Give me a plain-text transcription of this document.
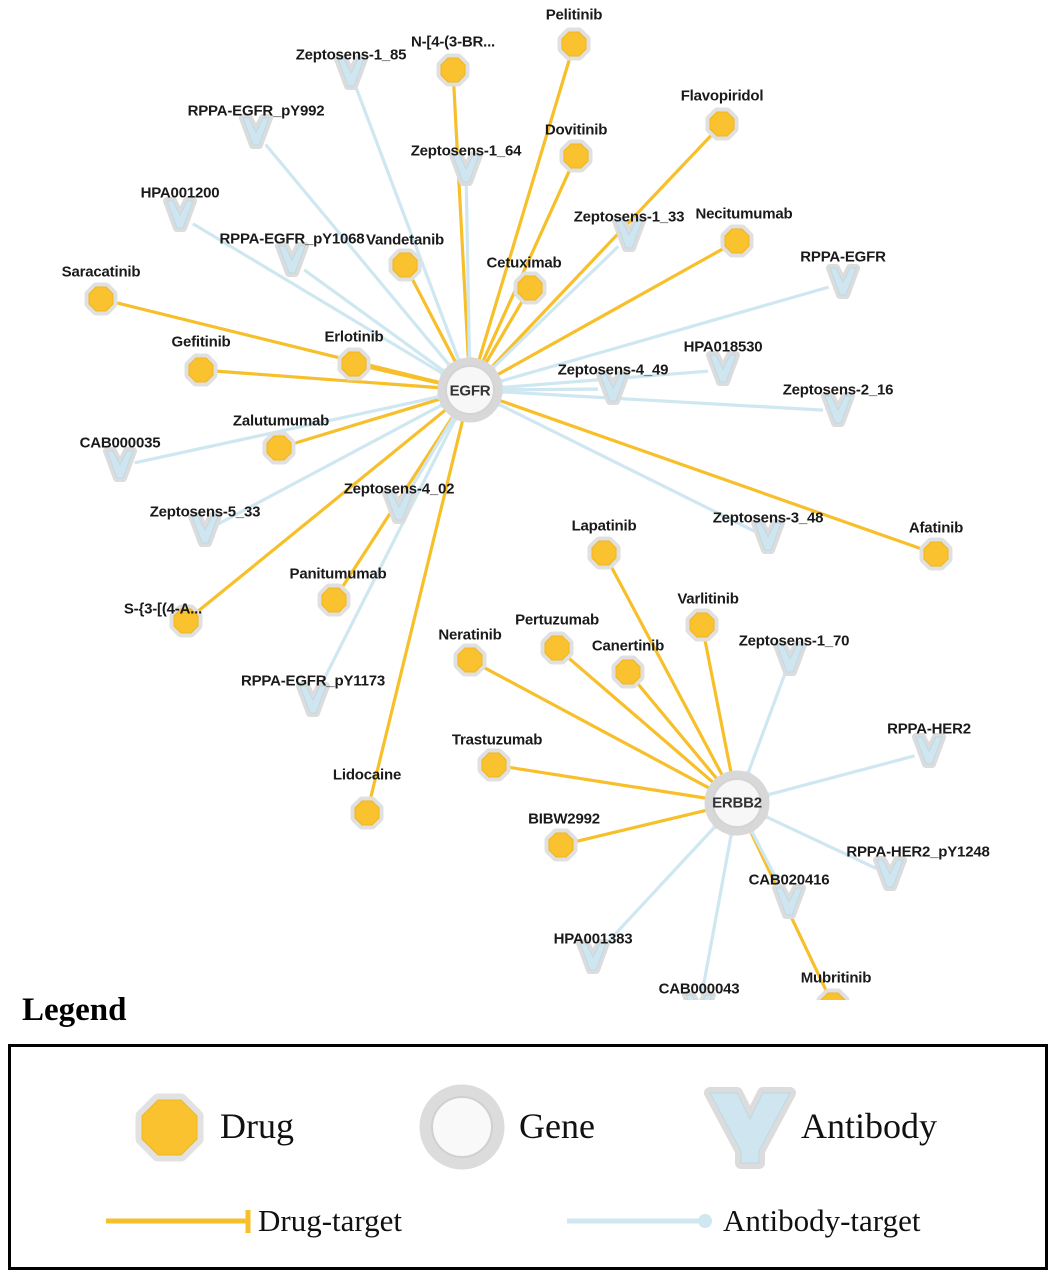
Pelitinib
N-[4-(3-BR...
Flavopiridol
Dovitinib
Necitumumab
Vandetanib
Cetuximab
Saracatinib
Gefitinib	Erlotinib
Zalutumumab
Afatinib
Lapatinib
Varlitinib
Panitumumab
S-{3-[(4-A...
Pertuzumab
Neratinib
Canertinib
Trastuzumab
Lidocaine
BIBW2992
Mubritinib
Zeptosens-1_85
RPPA-EGFR_pY992
Zeptosens-1_64
HPA001200
Zeptosens-1_33
RPPA-EGFR_pY1068
RPPA-EGFR
HPA018530
Zeptosens-4_49
Zeptosens-2_16
CAB000035
Zeptosens-4_02
Zeptosens-5_33	Zeptosens-3_48
Zeptosens-1_70
RPPA-EGFR_pY1173
RPPA-HER2
RPPA-HER2_pY1248
CAB020416
HPA001383
CAB000043
EGFR
ERBB2
Legend
Drug	Gene	Antibody
Drug-target	Antibody-target
